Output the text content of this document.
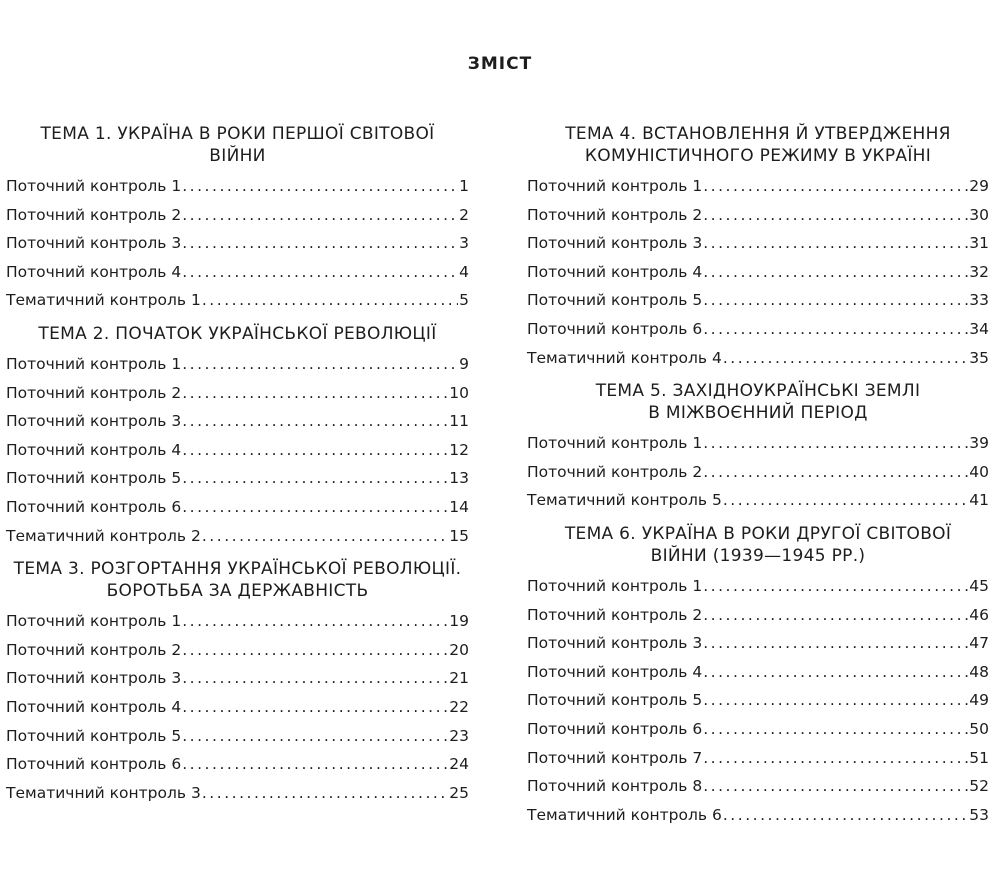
ЗМІСТ
ТЕМА 1. УКРАЇНА В РОКИ ПЕРШОЇ СВІТОВОЇ
ВІЙНИ
Поточний контроль 1 . . .	1
Поточний контроль 2 . . .	2
Поточний контроль 3 . . .	3
Поточний контроль 4 . . .	4
Тематичний контроль 1 . . .	5
ТЕМА 2. ПОЧАТОК УКРАЇНСЬКОЇ РЕВОЛЮЦІЇ
Поточний контроль 1 . . .	9
Поточний контроль 2 . . .	10
Поточний контроль 3 . . .	11
Поточний контроль 4 . . .	12
Поточний контроль 5 . . .	13
Поточний контроль 6 . . .	14
Тематичний контроль 2 . . .	15
ТЕМА 3. РОЗГОРТАННЯ УКРАЇНСЬКОЇ РЕВОЛЮЦІЇ.
БОРОТЬБА ЗА ДЕРЖАВНІСТЬ
Поточний контроль 1 . . .	19
Поточний контроль 2 . . .	20
Поточний контроль 3 . . .	21
Поточний контроль 4 . . .	22
Поточний контроль 5 . . .	23
Поточний контроль 6 . . .	24
Тематичний контроль 3 . . .	25
ТЕМА 4. ВСТАНОВЛЕННЯ Й УТВЕРДЖЕННЯ
КОМУНІСТИЧНОГО РЕЖИМУ В УКРАЇНІ
Поточний контроль 1 . . .	29
Поточний контроль 2 . . .	30
Поточний контроль 3 . . .	31
Поточний контроль 4 . . .	32
Поточний контроль 5 . . .	33
Поточний контроль 6 . . .	34
Тематичний контроль 4 . . .	35
ТЕМА 5. ЗАХІДНОУКРАЇНСЬКІ ЗЕМЛІ
В МІЖВОЄННИЙ ПЕРІОД
Поточний контроль 1 . . .	39
Поточний контроль 2 . . .	40
Тематичний контроль 5 . . .	41
ТЕМА 6. УКРАЇНА В РОКИ ДРУГОЇ СВІТОВОЇ
ВІЙНИ (1939—1945 РР.)
Поточний контроль 1 . . .	45
Поточний контроль 2 . . .	46
Поточний контроль 3 . . .	47
Поточний контроль 4 . . .	48
Поточний контроль 5 . . .	49
Поточний контроль 6 . . .	50
Поточний контроль 7 . . .	51
Поточний контроль 8 . . .	52
Тематичний контроль 6 . . .	53
